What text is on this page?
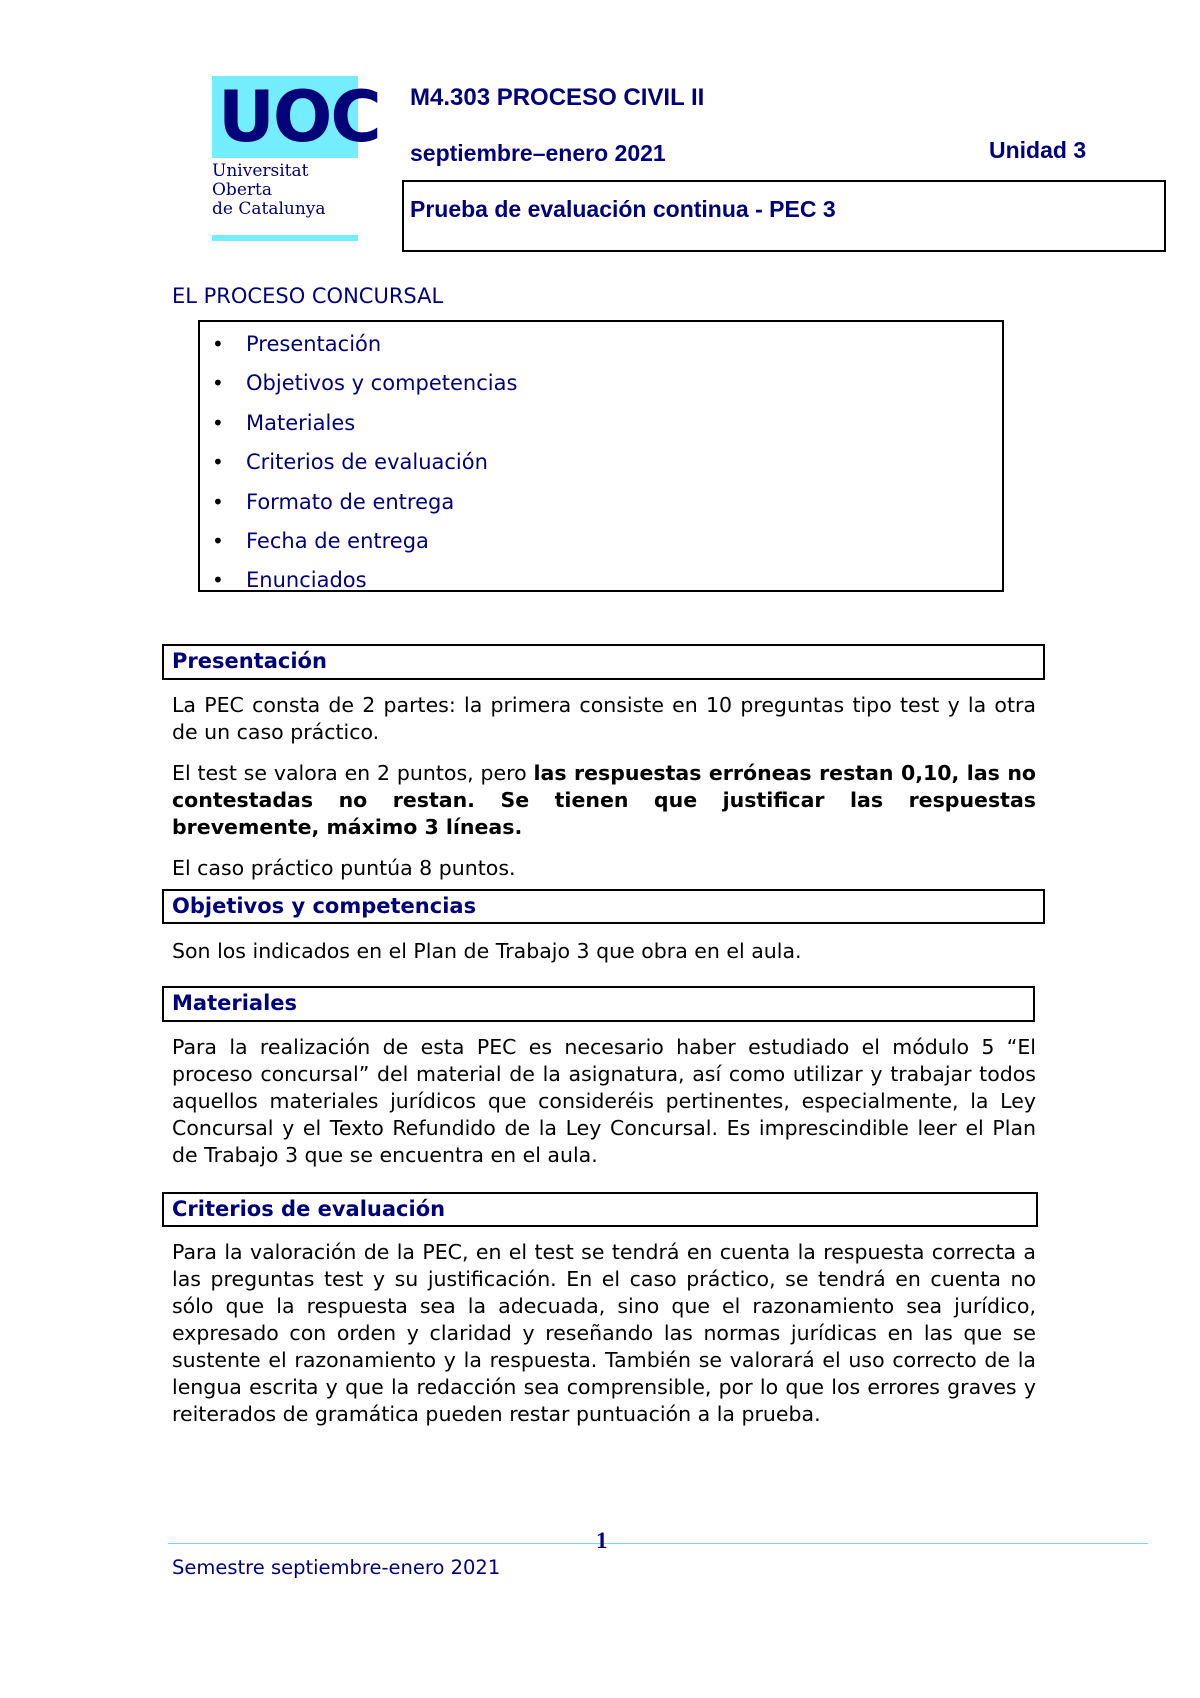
UOC
Universitat
Oberta
de Catalunya
M4.303 PROCESO CIVIL II
septiembre–enero 2021	Unidad 3
Prueba de evaluación continua - PEC 3
EL PROCESO CONCURSAL
• Presentación
• Objetivos y competencias
• Materiales
• Criterios de evaluación
• Formato de entrega
• Fecha de entrega
• Enunciados
Presentación

La PEC consta de 2 partes: la primera consiste en 10 preguntas tipo test y la otra de un caso práctico.

El test se valora en 2 puntos, pero las respuestas erróneas restan 0,10, las no contestadas no restan. Se tienen que justificar las respuestas brevemente, máximo 3 líneas.

El caso práctico puntúa 8 puntos.

Objetivos y competencias

Son los indicados en el Plan de Trabajo 3 que obra en el aula.

Materiales

Para la realización de esta PEC es necesario haber estudiado el módulo 5 “El proceso concursal” del material de la asignatura, así como utilizar y trabajar todos aquellos materiales jurídicos que consideréis pertinentes, especialmente, la Ley Concursal y el Texto Refundido de la Ley Concursal. Es imprescindible leer el Plan de Trabajo 3 que se encuentra en el aula.

Criterios de evaluación

Para la valoración de la PEC, en el test se tendrá en cuenta la respuesta correcta a las preguntas test y su justificación. En el caso práctico, se tendrá en cuenta no sólo que la respuesta sea la adecuada, sino que el razonamiento sea jurídico, expresado con orden y claridad y reseñando las normas jurídicas en las que se sustente el razonamiento y la respuesta. También se valorará el uso correcto de la lengua escrita y que la redacción sea comprensible, por lo que los errores graves y reiterados de gramática pueden restar puntuación a la prueba.

1
Semestre septiembre-enero 2021
